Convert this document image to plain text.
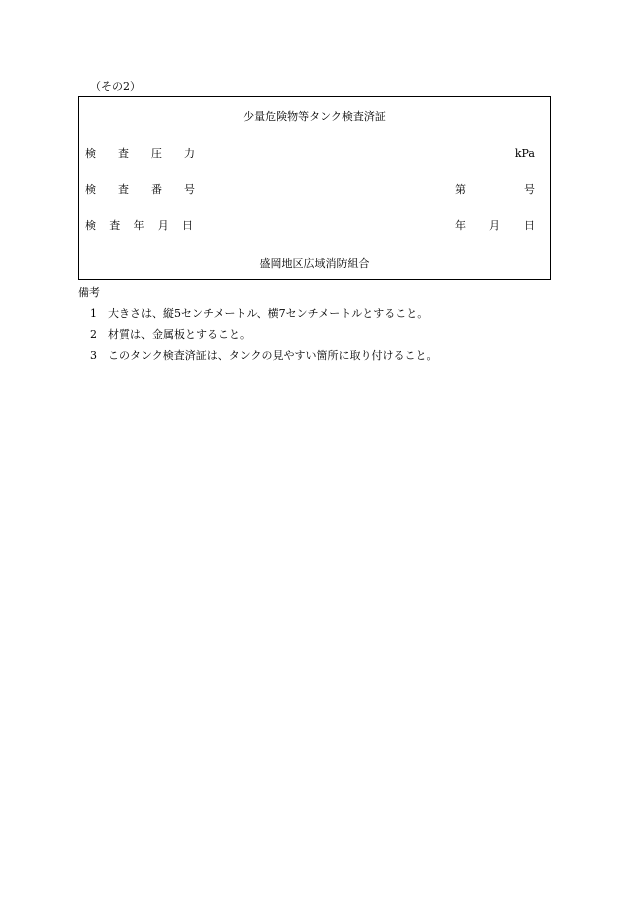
（その2）
少量危険物等タンク検査済証
検 査 圧 力	kPa
検 査 番 号	第	号
検 査 年 月 日	年 月 日
盛岡地区広域消防組合
備考
1 大きさは、縦5センチメートル、横7センチメートルとすること。
2 材質は、金属板とすること。
3 このタンク検査済証は、タンクの見やすい箇所に取り付けること。
